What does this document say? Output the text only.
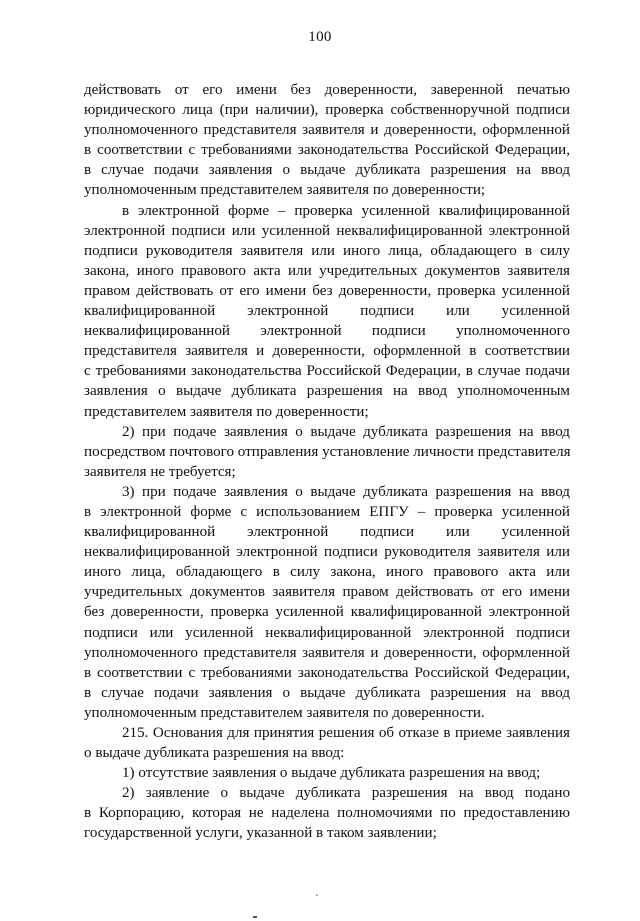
100
действовать от его имени без доверенности, заверенной печатью
юридического лица (при наличии), проверка собственноручной подписи
уполномоченного представителя заявителя и доверенности, оформленной
в соответствии с требованиями законодательства Российской Федерации,
в случае подачи заявления о выдаче дубликата разрешения на ввод
уполномоченным представителем заявителя по доверенности;
в электронной форме – проверка усиленной квалифицированной
электронной подписи или усиленной неквалифицированной электронной
подписи руководителя заявителя или иного лица, обладающего в силу
закона, иного правового акта или учредительных документов заявителя
правом действовать от его имени без доверенности, проверка усиленной
квалифицированной электронной подписи или усиленной
неквалифицированной электронной подписи уполномоченного
представителя заявителя и доверенности, оформленной в соответствии
с требованиями законодательства Российской Федерации, в случае подачи
заявления о выдаче дубликата разрешения на ввод уполномоченным
представителем заявителя по доверенности;
2) при подаче заявления о выдаче дубликата разрешения на ввод
посредством почтового отправления установление личности представителя
заявителя не требуется;
3) при подаче заявления о выдаче дубликата разрешения на ввод
в электронной форме с использованием ЕПГУ – проверка усиленной
квалифицированной электронной подписи или усиленной
неквалифицированной электронной подписи руководителя заявителя или
иного лица, обладающего в силу закона, иного правового акта или
учредительных документов заявителя правом действовать от его имени
без доверенности, проверка усиленной квалифицированной электронной
подписи или усиленной неквалифицированной электронной подписи
уполномоченного представителя заявителя и доверенности, оформленной
в соответствии с требованиями законодательства Российской Федерации,
в случае подачи заявления о выдаче дубликата разрешения на ввод
уполномоченным представителем заявителя по доверенности.
215. Основания для принятия решения об отказе в приеме заявления
о выдаче дубликата разрешения на ввод:
1) отсутствие заявления о выдаче дубликата разрешения на ввод;
2) заявление о выдаче дубликата разрешения на ввод подано
в Корпорацию, которая не наделена полномочиями по предоставлению
государственной услуги, указанной в таком заявлении;
